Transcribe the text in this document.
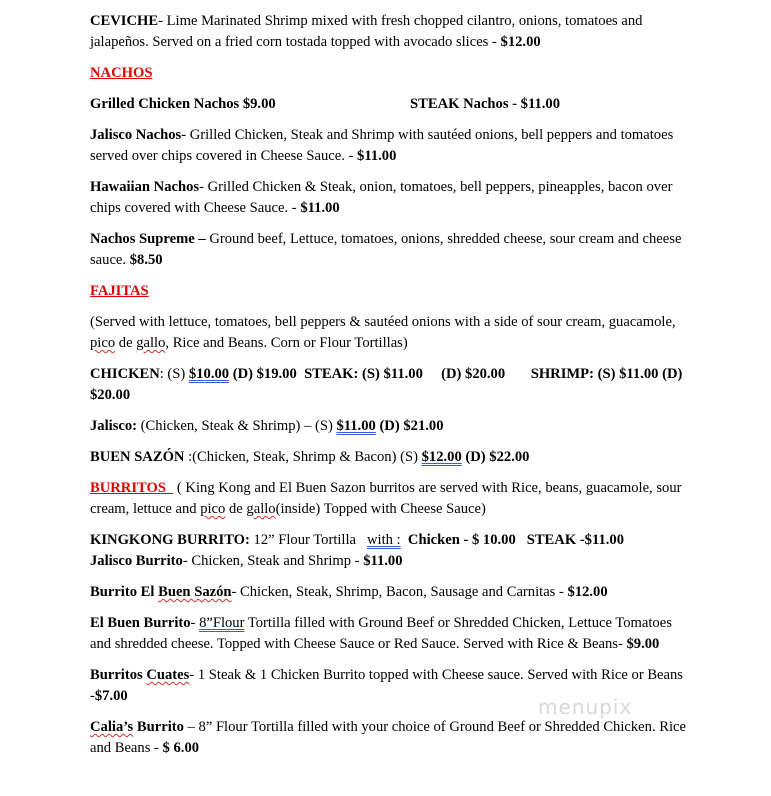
CEVICHE- Lime Marinated Shrimp mixed with fresh chopped cilantro, onions, tomatoes and jalapeños. Served on a fried corn tostada topped with avocado slices - $12.00

NACHOS

Grilled Chicken Nachos $9.00	STEAK Nachos - $11.00

Jalisco Nachos- Grilled Chicken, Steak and Shrimp with sautéed onions, bell peppers and tomatoes served over chips covered in Cheese Sauce. - $11.00

Hawaiian Nachos- Grilled Chicken & Steak, onion, tomatoes, bell peppers, pineapples, bacon over chips covered with Cheese Sauce. - $11.00

Nachos Supreme – Ground beef, Lettuce, tomatoes, onions, shredded cheese, sour cream and cheese sauce. $8.50

FAJITAS

(Served with lettuce, tomatoes, bell peppers & sautéed onions with a side of sour cream, guacamole, pico de gallo, Rice and Beans. Corn or Flour Tortillas)

CHICKEN: (S) $10.00 (D) $19.00 STEAK: (S) $11.00     (D) $20.00 SHRIMP: (S) $11.00 (D) $20.00

Jalisco: (Chicken, Steak & Shrimp) – (S) $11.00 (D) $21.00

BUEN SAZÓN :(Chicken, Steak, Shrimp & Bacon) (S) $12.00 (D) $22.00

BURRITOS   ( King Kong and El Buen Sazon burritos are served with Rice, beans, guacamole, sour cream, lettuce and pico de gallo(inside) Topped with Cheese Sauce)

KINGKONG BURRITO: 12” Flour Tortilla   with :  Chicken - $ 10.00   STEAK -$11.00

Jalisco Burrito- Chicken, Steak and Shrimp - $11.00

Burrito El Buen Sazón- Chicken, Steak, Shrimp, Bacon, Sausage and Carnitas - $12.00

El Buen Burrito- 8”Flour Tortilla filled with Ground Beef or Shredded Chicken, Lettuce Tomatoes and shredded cheese. Topped with Cheese Sauce or Red Sauce. Served with Rice & Beans- $9.00

Burritos Cuates- 1 Steak & 1 Chicken Burrito topped with Cheese sauce. Served with Rice or Beans -$7.00

Calia’s Burrito – 8” Flour Tortilla filled with your choice of Ground Beef or Shredded Chicken. Rice and Beans - $ 6.00

menupix
